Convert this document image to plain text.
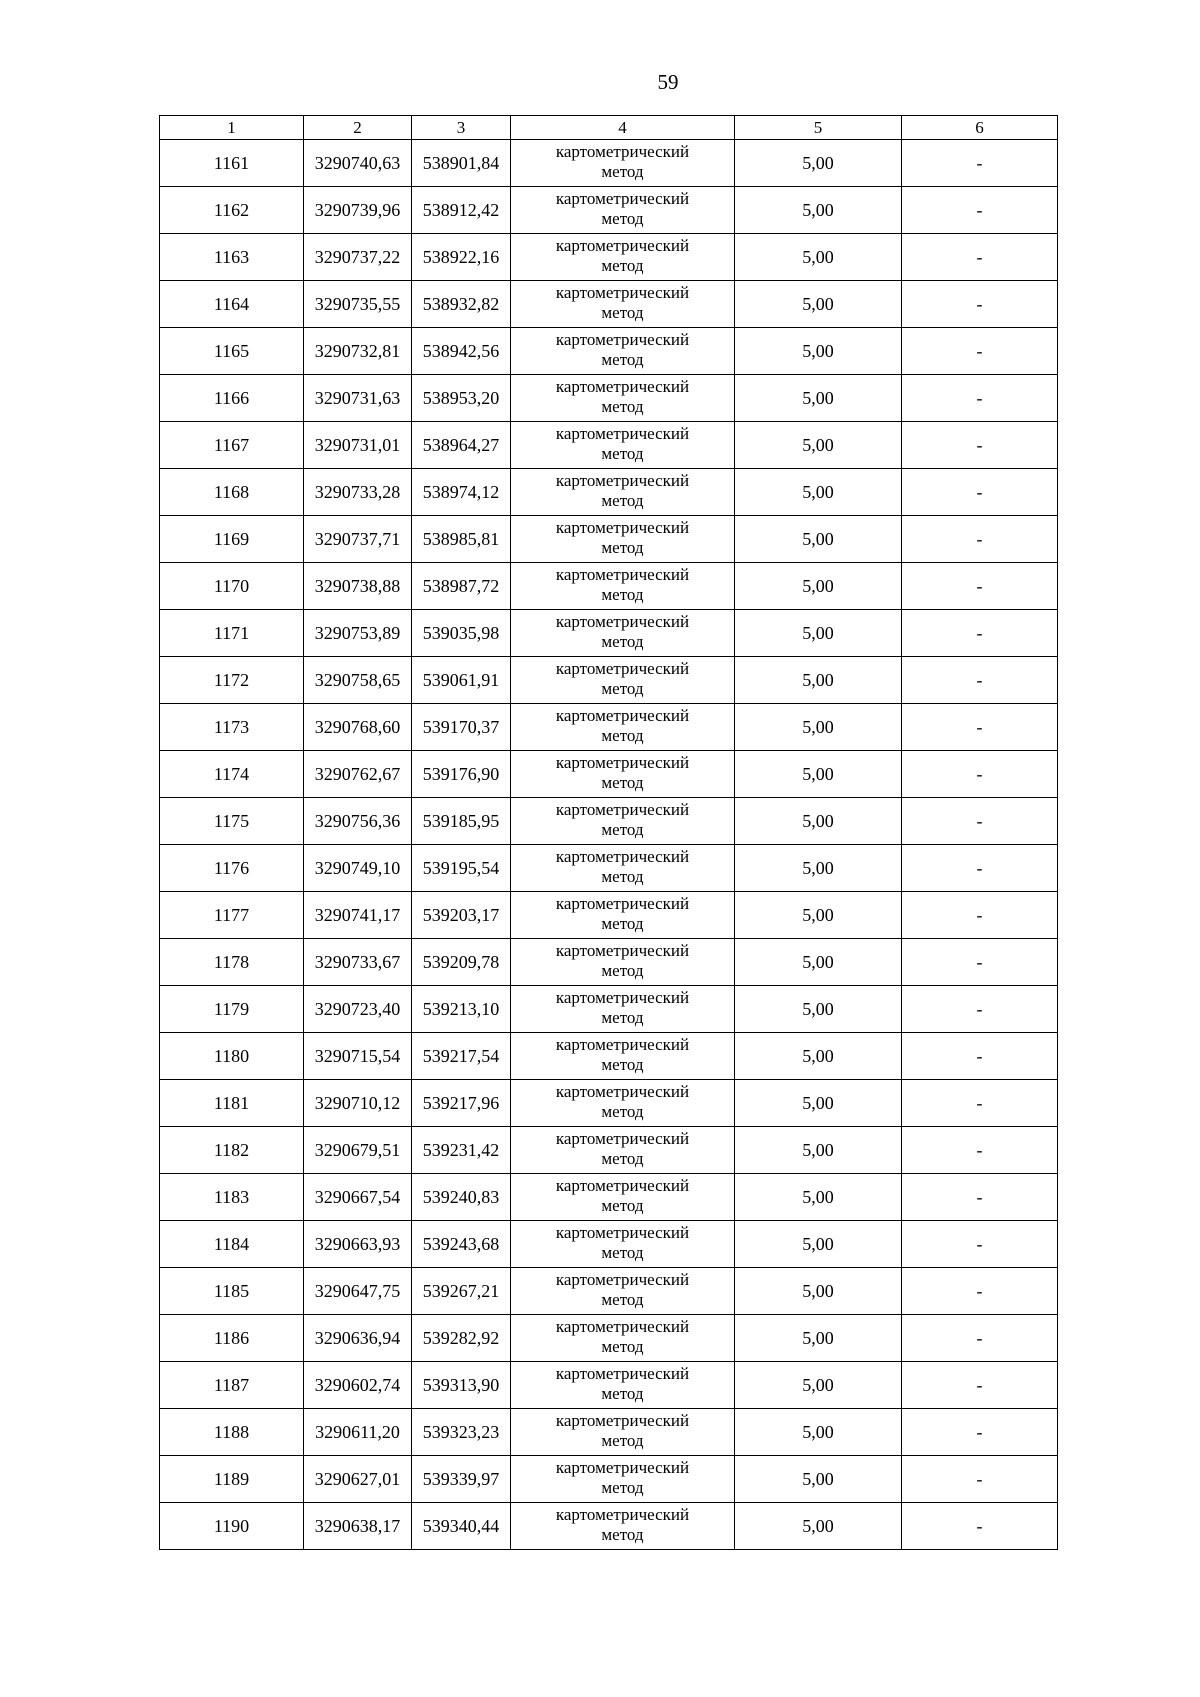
59
1	2	3	4	5	6
1161	3290740,63	538901,84	картометрический
метод	5,00	-
1162	3290739,96	538912,42	картометрический
метод	5,00	-
1163	3290737,22	538922,16	картометрический
метод	5,00	-
1164	3290735,55	538932,82	картометрический
метод	5,00	-
1165	3290732,81	538942,56	картометрический
метод	5,00	-
1166	3290731,63	538953,20	картометрический
метод	5,00	-
1167	3290731,01	538964,27	картометрический
метод	5,00	-
1168	3290733,28	538974,12	картометрический
метод	5,00	-
1169	3290737,71	538985,81	картометрический
метод	5,00	-
1170	3290738,88	538987,72	картометрический
метод	5,00	-
1171	3290753,89	539035,98	картометрический
метод	5,00	-
1172	3290758,65	539061,91	картометрический
метод	5,00	-
1173	3290768,60	539170,37	картометрический
метод	5,00	-
1174	3290762,67	539176,90	картометрический
метод	5,00	-
1175	3290756,36	539185,95	картометрический
метод	5,00	-
1176	3290749,10	539195,54	картометрический
метод	5,00	-
1177	3290741,17	539203,17	картометрический
метод	5,00	-
1178	3290733,67	539209,78	картометрический
метод	5,00	-
1179	3290723,40	539213,10	картометрический
метод	5,00	-
1180	3290715,54	539217,54	картометрический
метод	5,00	-
1181	3290710,12	539217,96	картометрический
метод	5,00	-
1182	3290679,51	539231,42	картометрический
метод	5,00	-
1183	3290667,54	539240,83	картометрический
метод	5,00	-
1184	3290663,93	539243,68	картометрический
метод	5,00	-
1185	3290647,75	539267,21	картометрический
метод	5,00	-
1186	3290636,94	539282,92	картометрический
метод	5,00	-
1187	3290602,74	539313,90	картометрический
метод	5,00	-
1188	3290611,20	539323,23	картометрический
метод	5,00	-
1189	3290627,01	539339,97	картометрический
метод	5,00	-
1190	3290638,17	539340,44	картометрический
метод	5,00	-
